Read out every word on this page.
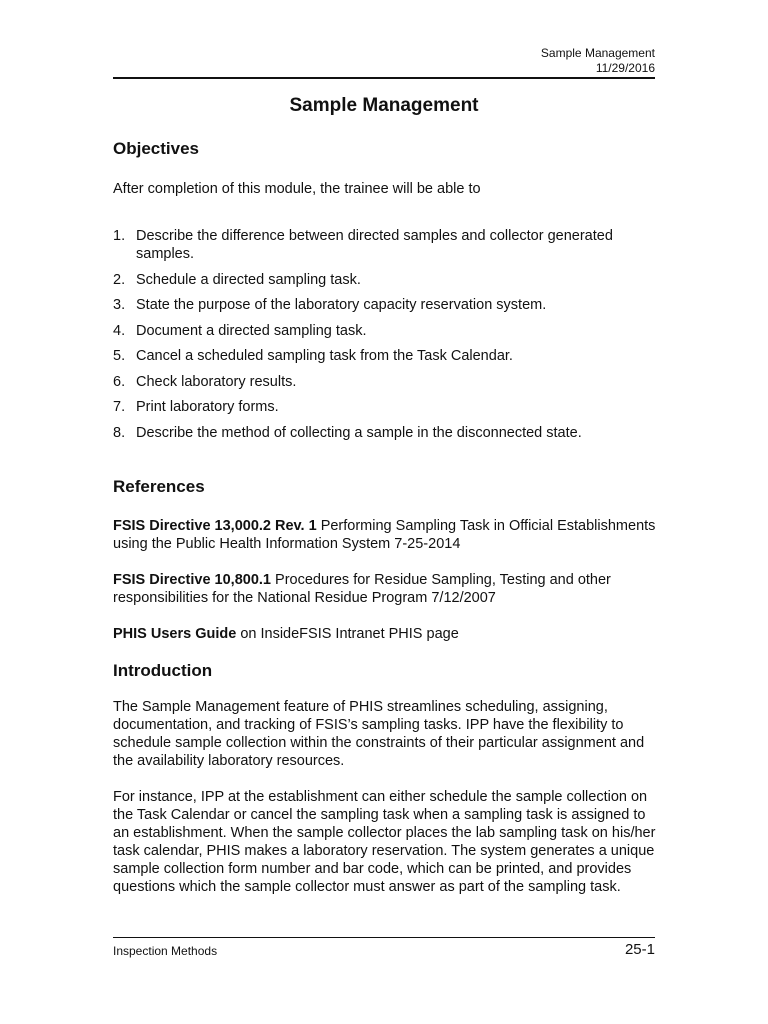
Sample Management
11/29/2016
Sample Management
Objectives
After completion of this module, the trainee will be able to
1. Describe the difference between directed samples and collector generated samples.
2. Schedule a directed sampling task.
3. State the purpose of the laboratory capacity reservation system.
4. Document a directed sampling task.
5. Cancel a scheduled sampling task from the Task Calendar.
6. Check laboratory results.
7. Print laboratory forms.
8. Describe the method of collecting a sample in the disconnected state.
References
FSIS Directive 13,000.2 Rev. 1 Performing Sampling Task in Official Establishments using the Public Health Information System 7-25-2014
FSIS Directive 10,800.1 Procedures for Residue Sampling, Testing and other responsibilities for the National Residue Program 7/12/2007
PHIS Users Guide on InsideFSIS Intranet PHIS page
Introduction
The Sample Management feature of PHIS streamlines scheduling, assigning, documentation, and tracking of FSIS’s sampling tasks. IPP have the flexibility to schedule sample collection within the constraints of their particular assignment and the availability laboratory resources.
For instance, IPP at the establishment can either schedule the sample collection on the Task Calendar or cancel the sampling task when a sampling task is assigned to an establishment. When the sample collector places the lab sampling task on his/her task calendar, PHIS makes a laboratory reservation. The system generates a unique sample collection form number and bar code, which can be printed, and provides questions which the sample collector must answer as part of the sampling task.
Inspection Methods	25-1
